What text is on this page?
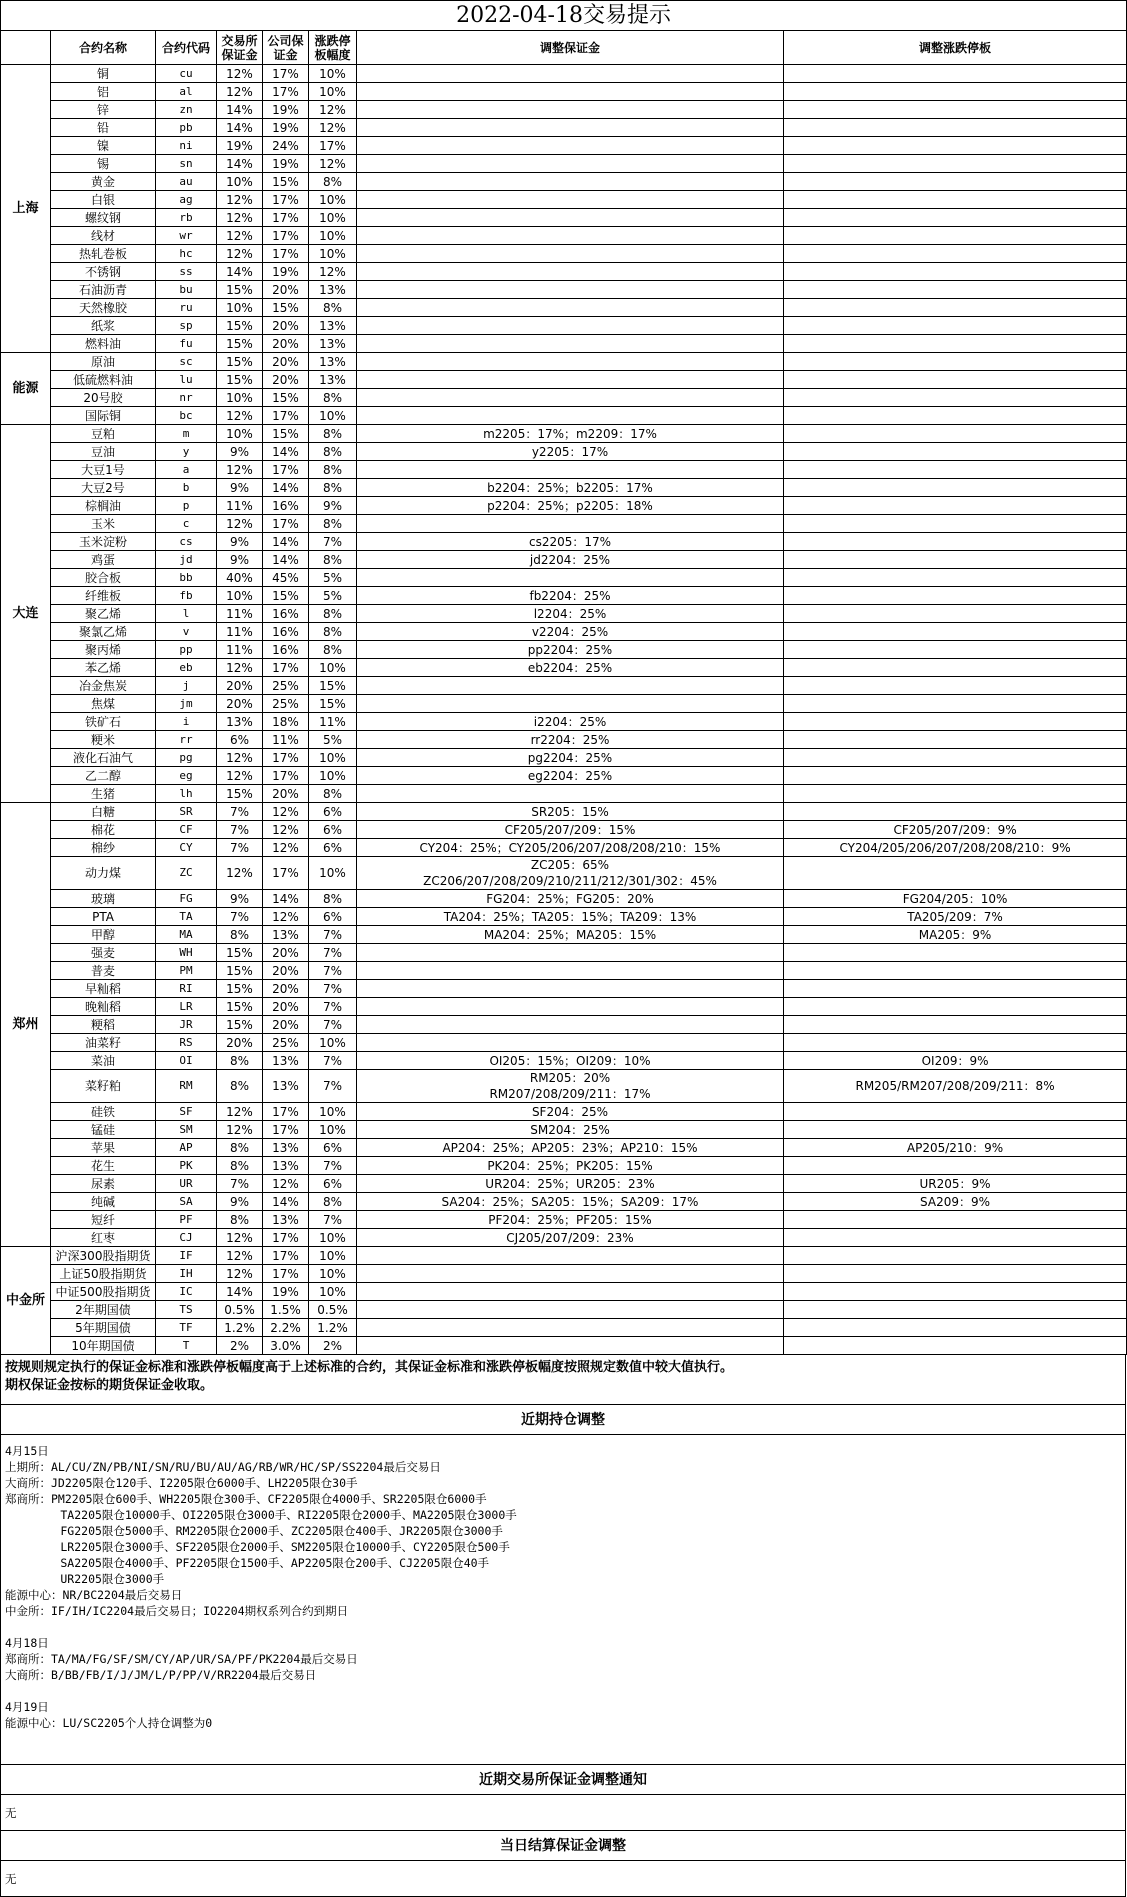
2022-04-18交易提示							
	合约名称	合约代码	交易所保证金	公司保证金	涨跌停板幅度	调整保证金	调整涨跌停板
上海	铜	cu	12%	17%	10%	

	铝	al	12%	17%	10%	

	锌	zn	14%	19%	12%	

	铅	pb	14%	19%	12%	

	镍	ni	19%	24%	17%	

	锡	sn	14%	19%	12%	

	黄金	au	10%	15%	8%	

	白银	ag	12%	17%	10%	

	螺纹钢	rb	12%	17%	10%	

	线材	wr	12%	17%	10%	

	热轧卷板	hc	12%	17%	10%	

	不锈钢	ss	14%	19%	12%	

	石油沥青	bu	15%	20%	13%	

	天然橡胶	ru	10%	15%	8%	

	纸浆	sp	15%	20%	13%	

	燃料油	fu	15%	20%	13%	

能源	原油	sc	15%	20%	13%	

	低硫燃料油	lu	15%	20%	13%	

	20号胶	nr	10%	15%	8%	

	国际铜	bc	12%	17%	10%	

大连	豆粕	m	10%	15%	8%	m2205：17%；m2209：17%	

	豆油	y	9%	14%	8%	y2205：17%	

	大豆1号	a	12%	17%	8%	

	大豆2号	b	9%	14%	8%	b2204：25%；b2205：17%	

	棕榈油	p	11%	16%	9%	p2204：25%；p2205：18%	

	玉米	c	12%	17%	8%	

	玉米淀粉	cs	9%	14%	7%	cs2205：17%	

	鸡蛋	jd	9%	14%	8%	jd2204：25%	

	胶合板	bb	40%	45%	5%	

	纤维板	fb	10%	15%	5%	fb2204：25%	

	聚乙烯	l	11%	16%	8%	l2204：25%	

	聚氯乙烯	v	11%	16%	8%	v2204：25%	

	聚丙烯	pp	11%	16%	8%	pp2204：25%	

	苯乙烯	eb	12%	17%	10%	eb2204：25%	

	冶金焦炭	j	20%	25%	15%	

	焦煤	jm	20%	25%	15%	

	铁矿石	i	13%	18%	11%	i2204：25%	

	粳米	rr	6%	11%	5%	rr2204：25%	

	液化石油气	pg	12%	17%	10%	pg2204：25%	

	乙二醇	eg	12%	17%	10%	eg2204：25%	

	生猪	lh	15%	20%	8%	

郑州	白糖	SR	7%	12%	6%	SR205：15%	

	棉花	CF	7%	12%	6%	CF205/207/209：15%	CF205/207/209：9%
	棉纱	CY	7%	12%	6%	CY204：25%；CY205/206/207/208/208/210：15%	CY204/205/206/207/208/208/210：9%
	动力煤	ZC	12%	17%	10%	ZC205：65%
ZC206/207/208/209/210/211/212/301/302：45%	

	玻璃	FG	9%	14%	8%	FG204：25%；FG205：20%	FG204/205：10%
	PTA	TA	7%	12%	6%	TA204：25%；TA205：15%；TA209：13%	TA205/209：7%
	甲醇	MA	8%	13%	7%	MA204：25%；MA205：15%	MA205：9%
	强麦	WH	15%	20%	7%	

	普麦	PM	15%	20%	7%	

	早籼稻	RI	15%	20%	7%	

	晚籼稻	LR	15%	20%	7%	

	粳稻	JR	15%	20%	7%	

	油菜籽	RS	20%	25%	10%	

	菜油	OI	8%	13%	7%	OI205：15%；OI209：10%	OI209：9%
	菜籽粕	RM	8%	13%	7%	RM205：20%
RM207/208/209/211：17%	RM205/RM207/208/209/211：8%
	硅铁	SF	12%	17%	10%	SF204：25%	

	锰硅	SM	12%	17%	10%	SM204：25%	

	苹果	AP	8%	13%	6%	AP204：25%；AP205：23%；AP210：15%	AP205/210：9%
	花生	PK	8%	13%	7%	PK204：25%；PK205：15%	

	尿素	UR	7%	12%	6%	UR204：25%；UR205：23%	UR205：9%
	纯碱	SA	9%	14%	8%	SA204：25%；SA205：15%；SA209：17%	SA209：9%
	短纤	PF	8%	13%	7%	PF204：25%；PF205：15%	

	红枣	CJ	12%	17%	10%	CJ205/207/209：23%	

中金所	沪深300股指期货	IF	12%	17%	10%	

	上证50股指期货	IH	12%	17%	10%	

	中证500股指期货	IC	14%	19%	10%	

	2年期国债	TS	0.5%	1.5%	0.5%	

	5年期国债	TF	1.2%	2.2%	1.2%	

	10年期国债	T	2%	3.0%	2%	

按规则规定执行的保证金标准和涨跌停板幅度高于上述标准的合约，其保证金标准和涨跌停板幅度按照规定数值中较大值执行。
期权保证金按标的期货保证金收取。
近期持仓调整
4月15日
上期所：AL/CU/ZN/PB/NI/SN/RU/BU/AU/AG/RB/WR/HC/SP/SS2204最后交易日
大商所：JD2205限仓120手、I2205限仓6000手、LH2205限仓30手
郑商所：PM2205限仓600手、WH2205限仓300手、CF2205限仓4000手、SR2205限仓6000手
TA2205限仓10000手、OI2205限仓3000手、RI2205限仓2000手、MA2205限仓3000手
FG2205限仓5000手、RM2205限仓2000手、ZC2205限仓400手、JR2205限仓3000手
LR2205限仓3000手、SF2205限仓2000手、SM2205限仓10000手、CY2205限仓500手
SA2205限仓4000手、PF2205限仓1500手、AP2205限仓200手、CJ2205限仓40手
UR2205限仓3000手
能源中心：NR/BC2204最后交易日
中金所：IF/IH/IC2204最后交易日；IO2204期权系列合约到期日

4月18日
郑商所：TA/MA/FG/SF/SM/CY/AP/UR/SA/PF/PK2204最后交易日
大商所：B/BB/FB/I/J/JM/L/P/PP/V/RR2204最后交易日

4月19日
能源中心：LU/SC2205个人持仓调整为0
近期交易所保证金调整通知
无
当日结算保证金调整
无
